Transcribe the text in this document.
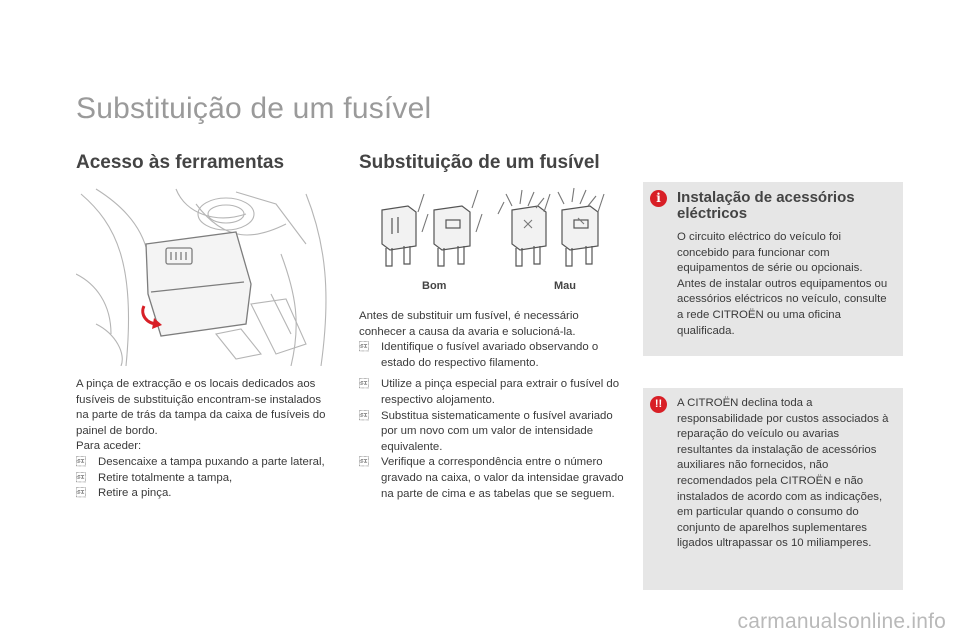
Substituição de um fusível
Acesso às ferramentas

A pinça de extracção e os locais dedicados aos fusíveis de substituição encontram-se instalados na parte de trás da tampa da caixa de fusíveis do painel de bordo.

Para aceder:

 Desencaixe a tampa puxando a parte lateral,

 Retire totalmente a tampa,

 Retire a pinça.

Substituição de um fusível
Bom	Mau

Antes de substituir um fusível, é necessário conhecer a causa da avaria e solucioná-la.

 Identifique o fusível avariado observando o estado do respectivo filamento.

 Utilize a pinça especial para extrair o fusível do respectivo alojamento.

 Substitua sistematicamente o fusível avariado por um novo com um valor de intensidade equivalente.

 Verifique a correspondência entre o número gravado na caixa, o valor da intensidae gravado na parte de cima e as tabelas que se seguem.

i	Instalação de acessórios eléctricos

O circuito eléctrico do veículo foi concebido para funcionar com equipamentos de série ou opcionais. Antes de instalar outros equipamentos ou acessórios eléctricos no veículo, consulte a rede CITROËN ou uma oficina qualificada.

!!	A CITROËN declina toda a responsabilidade por custos associados à reparação do veículo ou avarias resultantes da instalação de acessórios auxiliares não fornecidos, não recomendados pela CITROËN e não instalados de acordo com as indicações, em particular quando o consumo do conjunto de aparelhos suplementares ligados ultrapassar os 10 miliamperes.

carmanualsonline.info
